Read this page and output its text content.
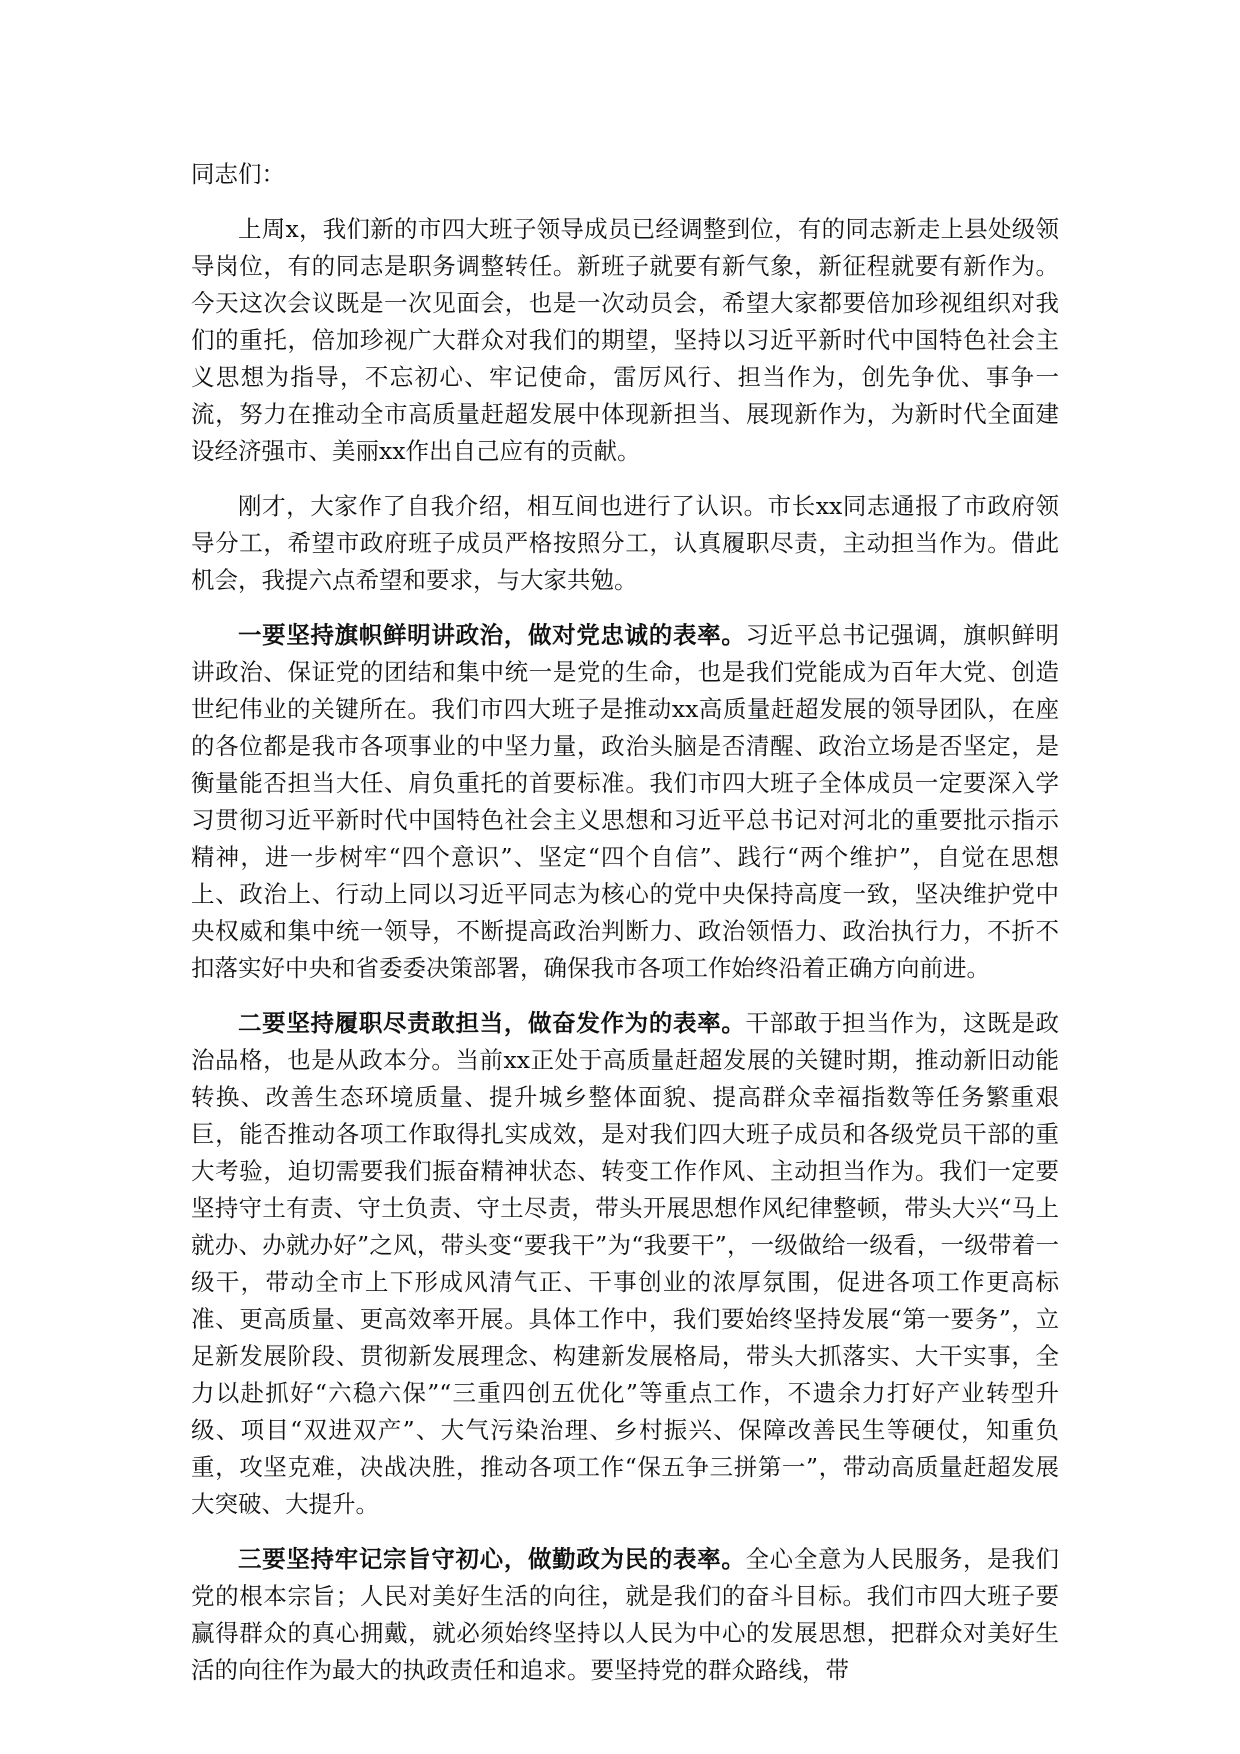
同志们：

上周x，我们新的市四大班子领导成员已经调整到位，有的同志新走上县处级领导岗位，有的同志是职务调整转任。新班子就要有新气象，新征程就要有新作为。今天这次会议既是一次见面会，也是一次动员会，希望大家都要倍加珍视组织对我们的重托，倍加珍视广大群众对我们的期望，坚持以习近平新时代中国特色社会主义思想为指导，不忘初心、牢记使命，雷厉风行、担当作为，创先争优、事争一流，努力在推动全市高质量赶超发展中体现新担当、展现新作为，为新时代全面建设经济强市、美丽xx作出自己应有的贡献。

刚才，大家作了自我介绍，相互间也进行了认识。市长xx同志通报了市政府领导分工，希望市政府班子成员严格按照分工，认真履职尽责，主动担当作为。借此机会，我提六点希望和要求，与大家共勉。

一要坚持旗帜鲜明讲政治，做对党忠诚的表率。习近平总书记强调，旗帜鲜明讲政治、保证党的团结和集中统一是党的生命，也是我们党能成为百年大党、创造世纪伟业的关键所在。我们市四大班子是推动xx高质量赶超发展的领导团队，在座的各位都是我市各项事业的中坚力量，政治头脑是否清醒、政治立场是否坚定，是衡量能否担当大任、肩负重托的首要标准。我们市四大班子全体成员一定要深入学习贯彻习近平新时代中国特色社会主义思想和习近平总书记对河北的重要批示指示精神，进一步树牢“四个意识”、坚定“四个自信”、践行“两个维护”，自觉在思想上、政治上、行动上同以习近平同志为核心的党中央保持高度一致，坚决维护党中央权威和集中统一领导，不断提高政治判断力、政治领悟力、政治执行力，不折不扣落实好中央和省委委决策部署，确保我市各项工作始终沿着正确方向前进。

二要坚持履职尽责敢担当，做奋发作为的表率。干部敢于担当作为，这既是政治品格，也是从政本分。当前xx正处于高质量赶超发展的关键时期，推动新旧动能转换、改善生态环境质量、提升城乡整体面貌、提高群众幸福指数等任务繁重艰巨，能否推动各项工作取得扎实成效，是对我们四大班子成员和各级党员干部的重大考验，迫切需要我们振奋精神状态、转变工作作风、主动担当作为。我们一定要坚持守土有责、守土负责、守土尽责，带头开展思想作风纪律整顿，带头大兴“马上就办、办就办好”之风，带头变“要我干”为“我要干”，一级做给一级看，一级带着一级干，带动全市上下形成风清气正、干事创业的浓厚氛围，促进各项工作更高标准、更高质量、更高效率开展。具体工作中，我们要始终坚持发展“第一要务”，立足新发展阶段、贯彻新发展理念、构建新发展格局，带头大抓落实、大干实事，全力以赴抓好“六稳六保”“三重四创五优化”等重点工作，不遗余力打好产业转型升级、项目“双进双产”、大气污染治理、乡村振兴、保障改善民生等硬仗，知重负重，攻坚克难，决战决胜，推动各项工作“保五争三拼第一”，带动高质量赶超发展大突破、大提升。

三要坚持牢记宗旨守初心，做勤政为民的表率。全心全意为人民服务，是我们党的根本宗旨；人民对美好生活的向往，就是我们的奋斗目标。我们市四大班子要赢得群众的真心拥戴，就必须始终坚持以人民为中心的发展思想，把群众对美好生活的向往作为最大的执政责任和追求。要坚持党的群众路线，带
